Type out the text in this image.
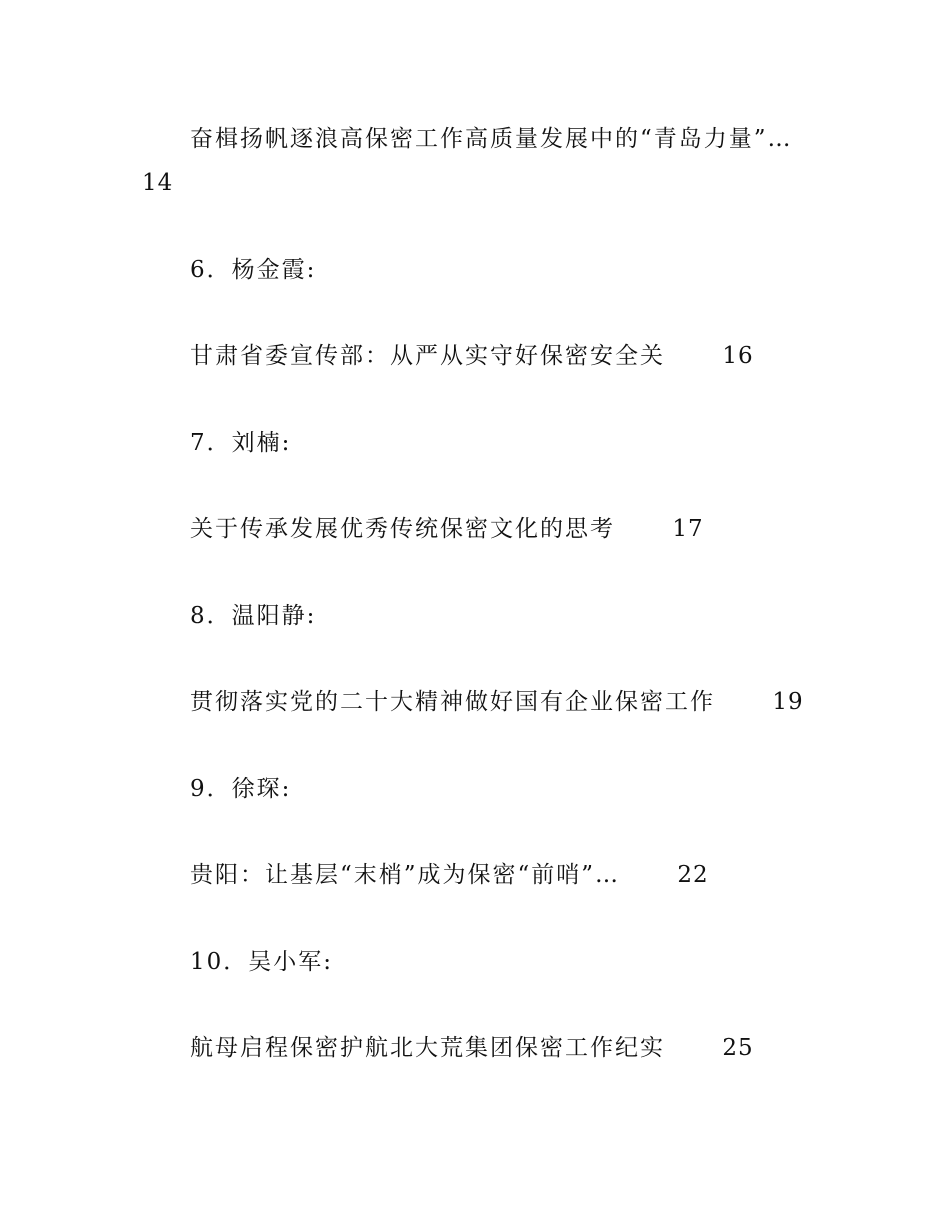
奋楫扬帆逐浪高保密工作高质量发展中的“青岛力量”…
14
6．杨金霞:
甘肃省委宣传部：从严从实守好保密安全关 16
7．刘楠:
关于传承发展优秀传统保密文化的思考 17
8．温阳静:
贯彻落实党的二十大精神做好国有企业保密工作 19
9．徐琛:
贵阳：让基层“末梢”成为保密“前哨”… 22
10．吴小军:
航母启程保密护航北大荒集团保密工作纪实 25
